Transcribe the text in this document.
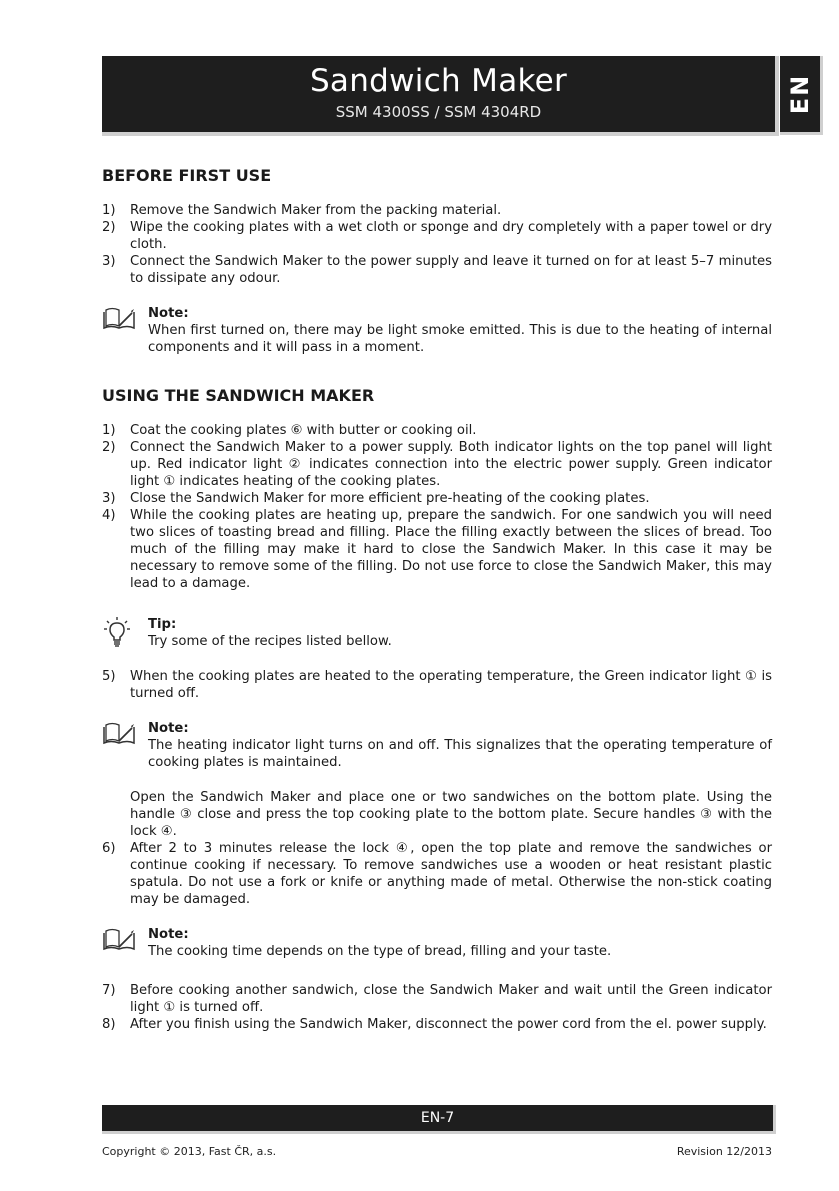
Sandwich Maker
SSM 4300SS / SSM 4304RD	EN
BEFORE FIRST USE
1) Remove the Sandwich Maker from the packing material.
2) Wipe the cooking plates with a wet cloth or sponge and dry completely with a paper towel or dry cloth.
3) Connect the Sandwich Maker to the power supply and leave it turned on for at least 5–7 minutes to dissipate any odour.
Note:
When first turned on, there may be light smoke emitted. This is due to the heating of internal components and it will pass in a moment.
USING THE SANDWICH MAKER
1) Coat the cooking plates ⑥ with butter or cooking oil.
2) Connect the Sandwich Maker to a power supply. Both indicator lights on the top panel will light up. Red indicator light ② indicates connection into the electric power supply. Green indicator light ① indicates heating of the cooking plates.
3) Close the Sandwich Maker for more efficient pre-heating of the cooking plates.
4) While the cooking plates are heating up, prepare the sandwich. For one sandwich you will need two slices of toasting bread and filling. Place the filling exactly between the slices of bread. Too much of the filling may make it hard to close the Sandwich Maker. In this case it may be necessary to remove some of the filling. Do not use force to close the Sandwich Maker, this may lead to a damage.
Tip:
Try some of the recipes listed bellow.
5) When the cooking plates are heated to the operating temperature, the Green indicator light ① is turned off.
Note:
The heating indicator light turns on and off. This signalizes that the operating temperature of cooking plates is maintained.
Open the Sandwich Maker and place one or two sandwiches on the bottom plate. Using the handle ③ close and press the top cooking plate to the bottom plate. Secure handles ③ with the lock ④.
6) After 2 to 3 minutes release the lock ④, open the top plate and remove the sandwiches or continue cooking if necessary. To remove sandwiches use a wooden or heat resistant plastic spatula. Do not use a fork or knife or anything made of metal. Otherwise the non-stick coating may be damaged.
Note:
The cooking time depends on the type of bread, filling and your taste.
7) Before cooking another sandwich, close the Sandwich Maker and wait until the Green indicator light ① is turned off.
8) After you finish using the Sandwich Maker, disconnect the power cord from the el. power supply.
EN-7
Copyright © 2013, Fast ČR, a.s.	Revision 12/2013
